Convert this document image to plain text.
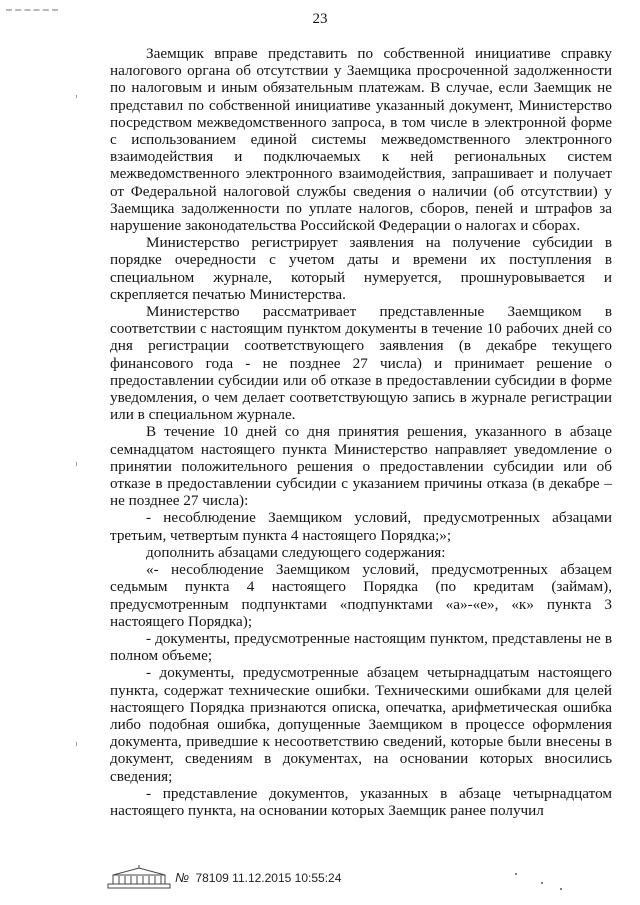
23

Заемщик вправе представить по собственной инициативе справку налогового органа об отсутствии у Заемщика просроченной задолженности по налоговым и иным обязательным платежам. В случае, если Заемщик не представил по собственной инициативе указанный документ, Министерство посредством межведомственного запроса, в том числе в электронной форме с использованием единой системы межведомственного электронного взаимодействия и подключаемых к ней региональных систем межведомственного электронного взаимодействия, запрашивает и получает от Федеральной налоговой службы сведения о наличии (об отсутствии) у Заемщика задолженности по уплате налогов, сборов, пеней и штрафов за нарушение законодательства Российской Федерации о налогах и сборах.

Министерство регистрирует заявления на получение субсидии в порядке очередности с учетом даты и времени их поступления в специальном журнале, который нумеруется, прошнуровывается и скрепляется печатью Министерства.

Министерство рассматривает представленные Заемщиком в соответствии с настоящим пунктом документы в течение 10 рабочих дней со дня регистрации соответствующего заявления (в декабре текущего финансового года - не позднее 27 числа) и принимает решение о предоставлении субсидии или об отказе в предоставлении субсидии в форме уведомления, о чем делает соответствующую запись в журнале регистрации или в специальном журнале.

В течение 10 дней со дня принятия решения, указанного в абзаце семнадцатом настоящего пункта Министерство направляет уведомление о принятии положительного решения о предоставлении субсидии или об отказе в предоставлении субсидии с указанием причины отказа (в декабре – не позднее 27 числа):

- несоблюдение Заемщиком условий, предусмотренных абзацами третьим, четвертым пункта 4 настоящего Порядка;»;

дополнить абзацами следующего содержания:

«- несоблюдение Заемщиком условий, предусмотренных абзацем седьмым пункта 4 настоящего Порядка (по кредитам (займам), предусмотренным подпунктами «подпунктами «а»-«е», «к» пункта 3 настоящего Порядка);

- документы, предусмотренные настоящим пунктом, представлены не в полном объеме;

- документы, предусмотренные абзацем четырнадцатым настоящего пункта, содержат технические ошибки. Техническими ошибками для целей настоящего Порядка признаются описка, опечатка, арифметическая ошибка либо подобная ошибка, допущенные Заемщиком в процессе оформления документа, приведшие к несоответствию сведений, которые были внесены в документ, сведениям в документах, на основании которых вносились сведения;

- представление документов, указанных в абзаце четырнадцатом настоящего пункта, на основании которых Заемщик ранее получил

№ 78109 11.12.2015 10:55:24
